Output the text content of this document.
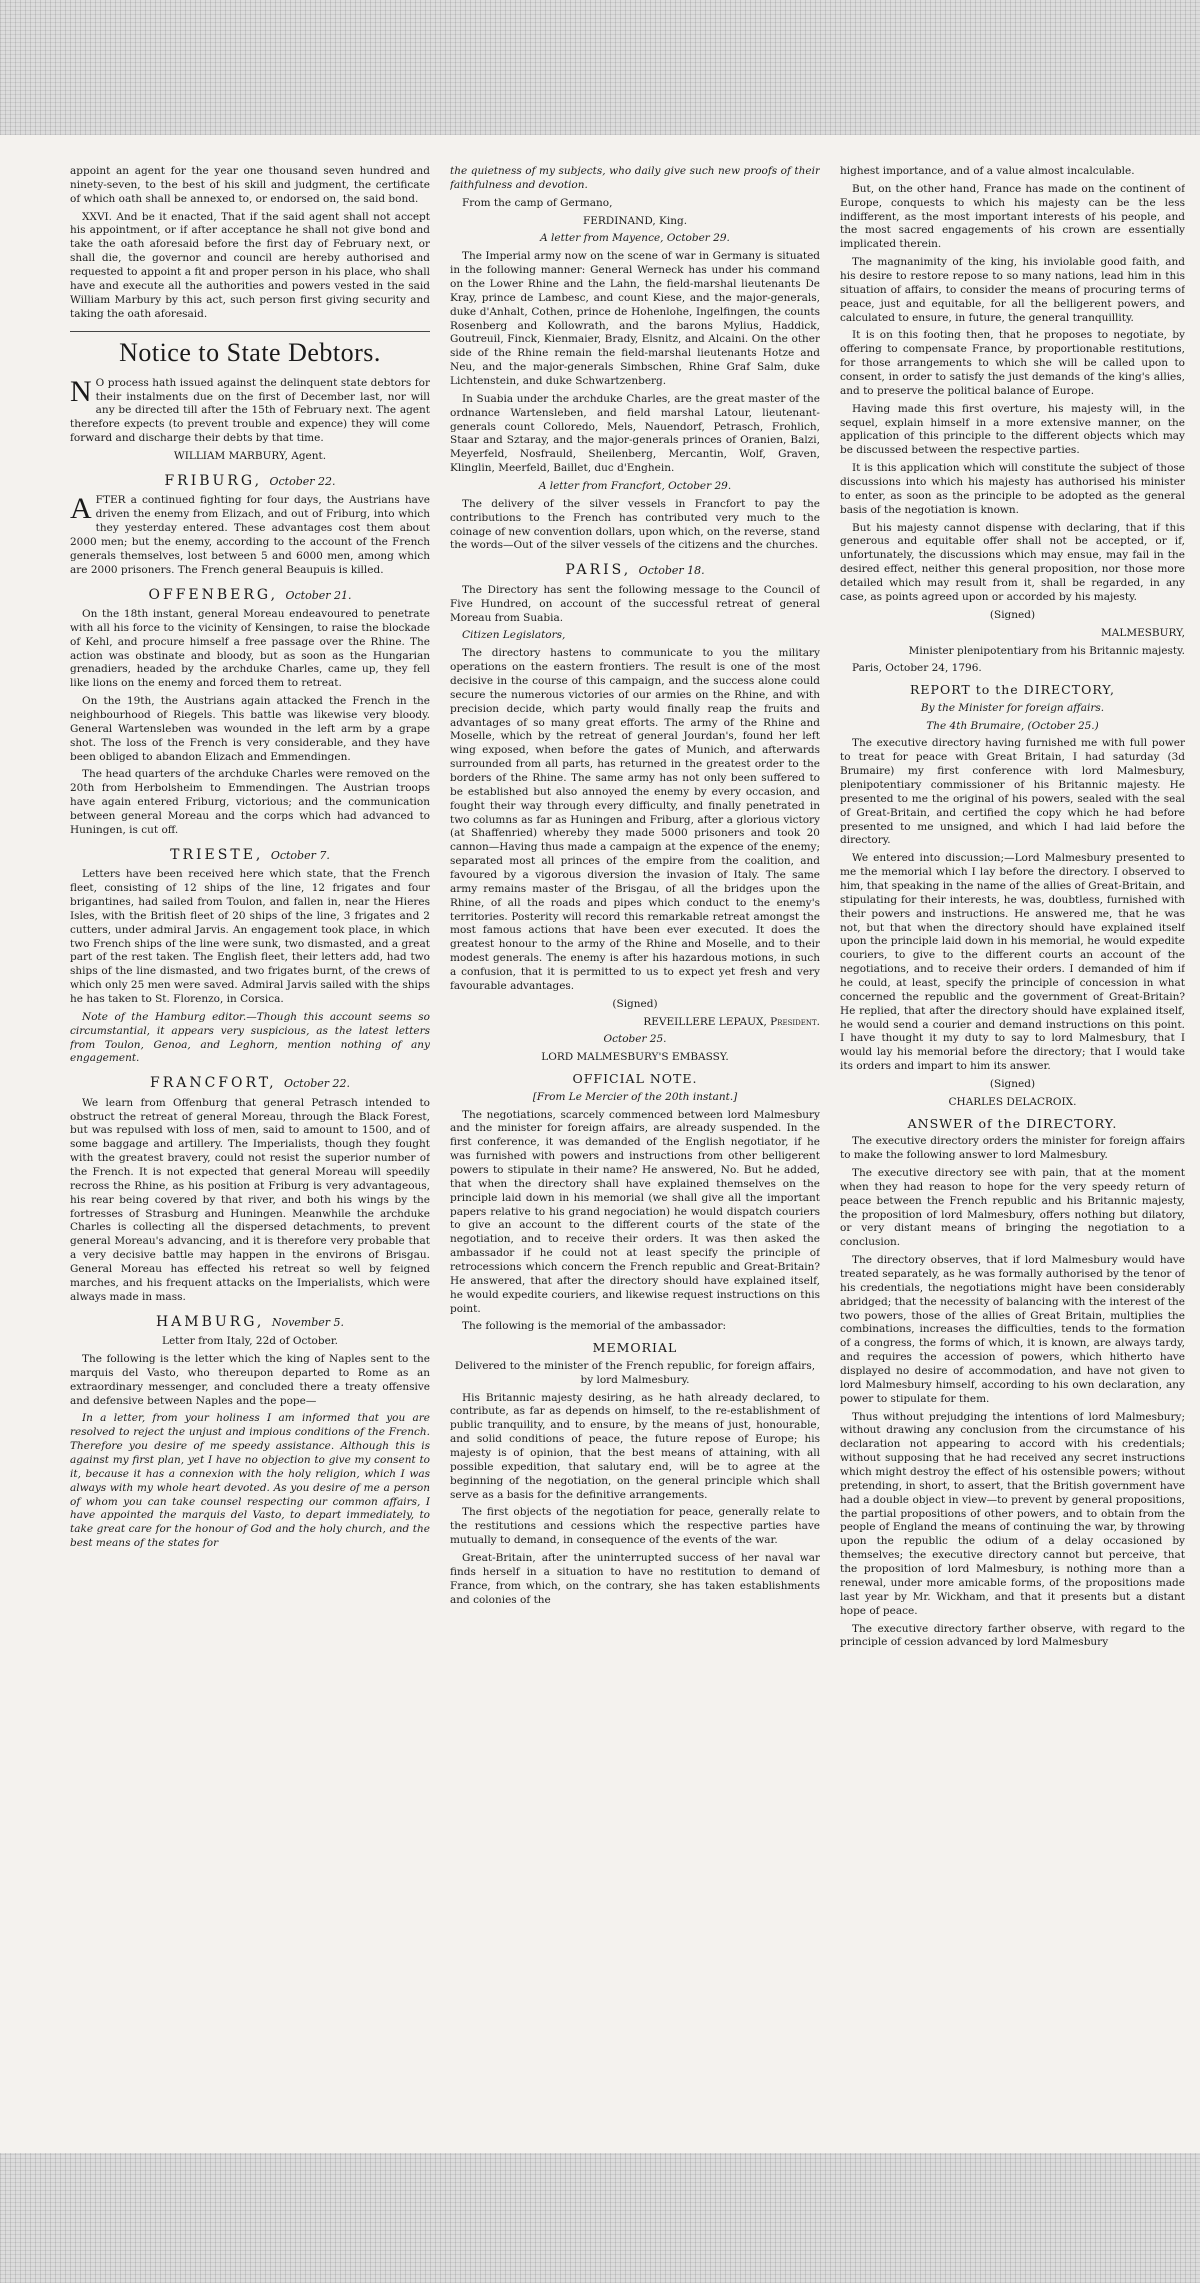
appoint an agent for the year one thousand seven hundred and ninety-seven, to the best of his skill and judgment, the certificate of which oath shall be annexed to, or endorsed on, the said bond.

XXVI. And be it enacted, That if the said agent shall not accept his appointment, or if after acceptance he shall not give bond and take the oath aforesaid before the first day of February next, or shall die, the governor and council are hereby authorised and requested to appoint a fit and proper person in his place, who shall have and execute all the authorities and powers vested in the said William Marbury by this act, such person first giving security and taking the oath aforesaid.

Notice to State Debtors.

N O process hath issued against the delinquent state debtors for their instalments due on the first of December last, nor will any be directed till after the 15th of February next. The agent therefore expects (to prevent trouble and expence) they will come forward and discharge their debts by that time.

WILLIAM MARBURY, Agent.

FRIBURG, October 22.

AFTER a continued fighting for four days, the Austrians have driven the enemy from Elizach, and out of Friburg, into which they yesterday entered. These advantages cost them about 2000 men; but the enemy, according to the account of the French generals themselves, lost between 5 and 6000 men, among which are 2000 prisoners. The French general Beaupuis is killed.

OFFENBERG, October 21.

On the 18th instant, general Moreau endeavoured to penetrate with all his force to the vicinity of Kensingen, to raise the blockade of Kehl, and procure himself a free passage over the Rhine. The action was obstinate and bloody, but as soon as the Hungarian grenadiers, headed by the archduke Charles, came up, they fell like lions on the enemy and forced them to retreat.

On the 19th, the Austrians again attacked the French in the neighbourhood of Riegels. This battle was likewise very bloody. General Wartensleben was wounded in the left arm by a grape shot. The loss of the French is very considerable, and they have been obliged to abandon Elizach and Emmendingen.

The head quarters of the archduke Charles were removed on the 20th from Herbolsheim to Emmendingen. The Austrian troops have again entered Friburg, victorious; and the communication between general Moreau and the corps which had advanced to Huningen, is cut off.

TRIESTE, October 7.

Letters have been received here which state, that the French fleet, consisting of 12 ships of the line, 12 frigates and four brigantines, had sailed from Toulon, and fallen in, near the Hieres Isles, with the British fleet of 20 ships of the line, 3 frigates and 2 cutters, under admiral Jarvis. An engagement took place, in which two French ships of the line were sunk, two dismasted, and a great part of the rest taken. The English fleet, their letters add, had two ships of the line dismasted, and two frigates burnt, of the crews of which only 25 men were saved. Admiral Jarvis sailed with the ships he has taken to St. Florenzo, in Corsica.

Note of the Hamburg editor.—Though this account seems so circumstantial, it appears very suspicious, as the latest letters from Toulon, Genoa, and Leghorn, mention nothing of any engagement.

FRANCFORT, October 22.

We learn from Offenburg that general Petrasch intended to obstruct the retreat of general Moreau, through the Black Forest, but was repulsed with loss of men, said to amount to 1500, and of some baggage and artillery. The Imperialists, though they fought with the greatest bravery, could not resist the superior number of the French. It is not expected that general Moreau will speedily recross the Rhine, as his position at Friburg is very advantageous, his rear being covered by that river, and both his wings by the fortresses of Strasburg and Huningen. Meanwhile the archduke Charles is collecting all the dispersed detachments, to prevent general Moreau's advancing, and it is therefore very probable that a very decisive battle may happen in the environs of Brisgau. General Moreau has effected his retreat so well by feigned marches, and his frequent attacks on the Imperialists, which were always made in mass.

HAMBURG, November 5.

Letter from Italy, 22d of October.

The following is the letter which the king of Naples sent to the marquis del Vasto, who thereupon departed to Rome as an extraordinary messenger, and concluded there a treaty offensive and defensive between Naples and the pope—

In a letter, from your holiness I am informed that you are resolved to reject the unjust and impious conditions of the French. Therefore you desire of me speedy assistance. Although this is against my first plan, yet I have no objection to give my consent to it, because it has a connexion with the holy religion, which I was always with my whole heart devoted. As you desire of me a person of whom you can take counsel respecting our common affairs, I have appointed the marquis del Vasto, to depart immediately, to take great care for the honour of God and the holy church, and the best means of the states for

the quietness of my subjects, who daily give such new proofs of their faithfulness and devotion.

From the camp of Germano,

FERDINAND, King.

A letter from Mayence, October 29.

The Imperial army now on the scene of war in Germany is situated in the following manner: General Werneck has under his command on the Lower Rhine and the Lahn, the field-marshal lieutenants De Kray, prince de Lambesc, and count Kiese, and the major-generals, duke d'Anhalt, Cothen, prince de Hohenlohe, Ingelfingen, the counts Rosenberg and Kollowrath, and the barons Mylius, Haddick, Goutreuil, Finck, Kienmaier, Brady, Elsnitz, and Alcaini. On the other side of the Rhine remain the field-marshal lieutenants Hotze and Neu, and the major-generals Simbschen, Rhine Graf Salm, duke Lichtenstein, and duke Schwartzenberg.

In Suabia under the archduke Charles, are the great master of the ordnance Wartensleben, and field marshal Latour, lieutenant-generals count Colloredo, Mels, Nauendorf, Petrasch, Frohlich, Staar and Sztaray, and the major-generals princes of Oranien, Balzi, Meyerfeld, Nosfrauld, Sheilenberg, Mercantin, Wolf, Graven, Klinglin, Meerfeld, Baillet, duc d'Enghein.

A letter from Francfort, October 29.

The delivery of the silver vessels in Francfort to pay the contributions to the French has contributed very much to the coinage of new convention dollars, upon which, on the reverse, stand the words—Out of the silver vessels of the citizens and the churches.

PARIS, October 18.

The Directory has sent the following message to the Council of Five Hundred, on account of the successful retreat of general Moreau from Suabia.

Citizen Legislators,

The directory hastens to communicate to you the military operations on the eastern frontiers. The result is one of the most decisive in the course of this campaign, and the success alone could secure the numerous victories of our armies on the Rhine, and with precision decide, which party would finally reap the fruits and advantages of so many great efforts. The army of the Rhine and Moselle, which by the retreat of general Jourdan's, found her left wing exposed, when before the gates of Munich, and afterwards surrounded from all parts, has returned in the greatest order to the borders of the Rhine. The same army has not only been suffered to be established but also annoyed the enemy by every occasion, and fought their way through every difficulty, and finally penetrated in two columns as far as Huningen and Friburg, after a glorious victory (at Shaffenried) whereby they made 5000 prisoners and took 20 cannon—Having thus made a campaign at the expence of the enemy; separated most all princes of the empire from the coalition, and favoured by a vigorous diversion the invasion of Italy. The same army remains master of the Brisgau, of all the bridges upon the Rhine, of all the roads and pipes which conduct to the enemy's territories. Posterity will record this remarkable retreat amongst the most famous actions that have been ever executed. It does the greatest honour to the army of the Rhine and Moselle, and to their modest generals. The enemy is after his hazardous motions, in such a confusion, that it is permitted to us to expect yet fresh and very favourable advantages.

(Signed)

REVEILLERE LEPAUX, President.

October 25.

LORD MALMESBURY'S EMBASSY.

OFFICIAL NOTE.

[From Le Mercier of the 20th instant.]

The negotiations, scarcely commenced between lord Malmesbury and the minister for foreign affairs, are already suspended. In the first conference, it was demanded of the English negotiator, if he was furnished with powers and instructions from other belligerent powers to stipulate in their name? He answered, No. But he added, that when the directory shall have explained themselves on the principle laid down in his memorial (we shall give all the important papers relative to his grand negociation) he would dispatch couriers to give an account to the different courts of the state of the negotiation, and to receive their orders. It was then asked the ambassador if he could not at least specify the principle of retrocessions which concern the French republic and Great-Britain? He answered, that after the directory should have explained itself, he would expedite couriers, and likewise request instructions on this point.

The following is the memorial of the ambassador:

MEMORIAL

Delivered to the minister of the French republic, for foreign affairs, by lord Malmesbury.

His Britannic majesty desiring, as he hath already declared, to contribute, as far as depends on himself, to the re-establishment of public tranquility, and to ensure, by the means of just, honourable, and solid conditions of peace, the future repose of Europe; his majesty is of opinion, that the best means of attaining, with all possible expedition, that salutary end, will be to agree at the beginning of the negotiation, on the general principle which shall serve as a basis for the definitive arrangements.

The first objects of the negotiation for peace, generally relate to the restitutions and cessions which the respective parties have mutually to demand, in consequence of the events of the war.

Great-Britain, after the uninterrupted success of her naval war finds herself in a situation to have no restitution to demand of France, from which, on the contrary, she has taken establishments and colonies of the

highest importance, and of a value almost incalculable.

But, on the other hand, France has made on the continent of Europe, conquests to which his majesty can be the less indifferent, as the most important interests of his people, and the most sacred engagements of his crown are essentially implicated therein.

The magnanimity of the king, his inviolable good faith, and his desire to restore repose to so many nations, lead him in this situation of affairs, to consider the means of procuring terms of peace, just and equitable, for all the belligerent powers, and calculated to ensure, in future, the general tranquillity.

It is on this footing then, that he proposes to negotiate, by offering to compensate France, by proportionable restitutions, for those arrangements to which she will be called upon to consent, in order to satisfy the just demands of the king's allies, and to preserve the political balance of Europe.

Having made this first overture, his majesty will, in the sequel, explain himself in a more extensive manner, on the application of this principle to the different objects which may be discussed between the respective parties.

It is this application which will constitute the subject of those discussions into which his majesty has authorised his minister to enter, as soon as the principle to be adopted as the general basis of the negotiation is known.

But his majesty cannot dispense with declaring, that if this generous and equitable offer shall not be accepted, or if, unfortunately, the discussions which may ensue, may fail in the desired effect, neither this general proposition, nor those more detailed which may result from it, shall be regarded, in any case, as points agreed upon or accorded by his majesty.

(Signed)

MALMESBURY,

Minister plenipotentiary from his Britannic majesty.

Paris, October 24, 1796.

REPORT to the DIRECTORY,

By the Minister for foreign affairs.

The 4th Brumaire, (October 25.)

The executive directory having furnished me with full power to treat for peace with Great Britain, I had saturday (3d Brumaire) my first conference with lord Malmesbury, plenipotentiary commissioner of his Britannic majesty. He presented to me the original of his powers, sealed with the seal of Great-Britain, and certified the copy which he had before presented to me unsigned, and which I had laid before the directory.

We entered into discussion;—Lord Malmesbury presented to me the memorial which I lay before the directory. I observed to him, that speaking in the name of the allies of Great-Britain, and stipulating for their interests, he was, doubtless, furnished with their powers and instructions. He answered me, that he was not, but that when the directory should have explained itself upon the principle laid down in his memorial, he would expedite couriers, to give to the different courts an account of the negotiations, and to receive their orders. I demanded of him if he could, at least, specify the principle of concession in what concerned the republic and the government of Great-Britain? He replied, that after the directory should have explained itself, he would send a courier and demand instructions on this point. I have thought it my duty to say to lord Malmesbury, that I would lay his memorial before the directory; that I would take its orders and impart to him its answer.

(Signed)

CHARLES DELACROIX.

ANSWER of the DIRECTORY.

The executive directory orders the minister for foreign affairs to make the following answer to lord Malmesbury.

The executive directory see with pain, that at the moment when they had reason to hope for the very speedy return of peace between the French republic and his Britannic majesty, the proposition of lord Malmesbury, offers nothing but dilatory, or very distant means of bringing the negotiation to a conclusion.

The directory observes, that if lord Malmesbury would have treated separately, as he was formally authorised by the tenor of his credentials, the negotiations might have been considerably abridged; that the necessity of balancing with the interest of the two powers, those of the allies of Great Britain, multiplies the combinations, increases the difficulties, tends to the formation of a congress, the forms of which, it is known, are always tardy, and requires the accession of powers, which hitherto have displayed no desire of accommodation, and have not given to lord Malmesbury himself, according to his own declaration, any power to stipulate for them.

Thus without prejudging the intentions of lord Malmesbury; without drawing any conclusion from the circumstance of his declaration not appearing to accord with his credentials; without supposing that he had received any secret instructions which might destroy the effect of his ostensible powers; without pretending, in short, to assert, that the British government have had a double object in view—to prevent by general propositions, the partial propositions of other powers, and to obtain from the people of England the means of continuing the war, by throwing upon the republic the odium of a delay occasioned by themselves; the executive directory cannot but perceive, that the proposition of lord Malmesbury, is nothing more than a renewal, under more amicable forms, of the propositions made last year by Mr. Wickham, and that it presents but a distant hope of peace.

The executive directory farther observe, with regard to the principle of cession advanced by lord Malmesbury
